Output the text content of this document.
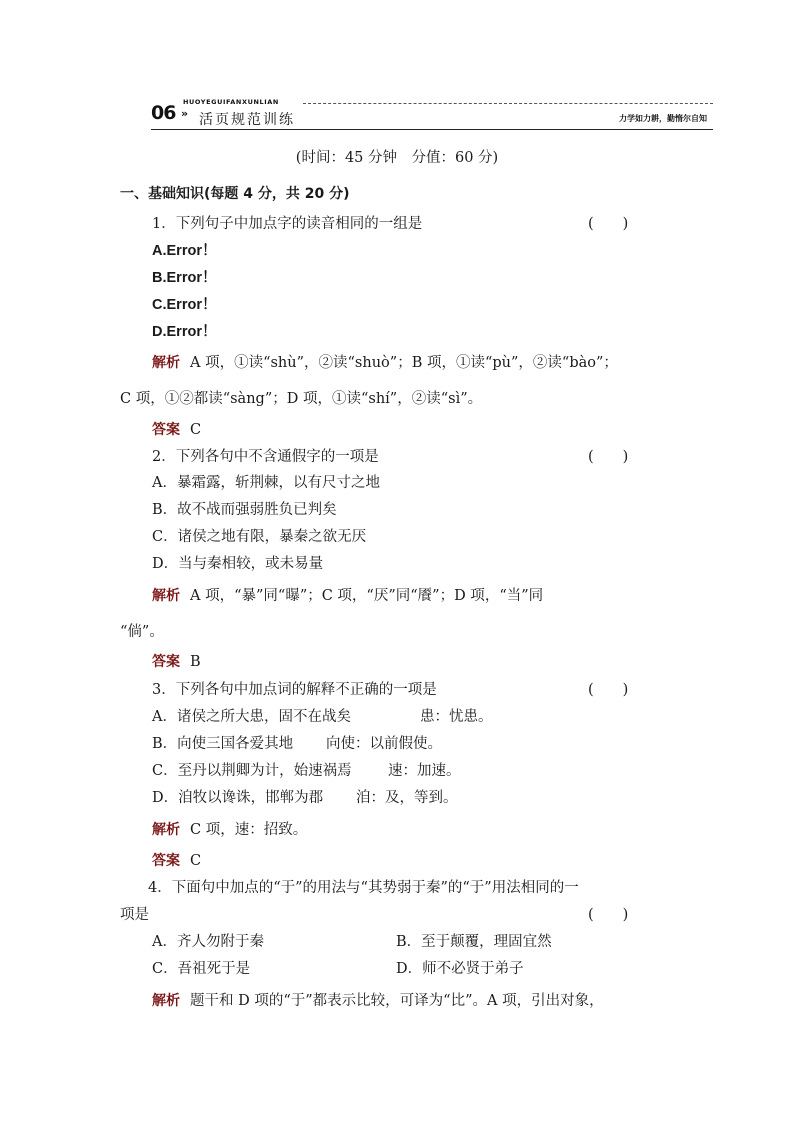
06 »
HUOYEGUIFANXUNLIAN
活页规范训练	力学如力耕，勤惰尔自知
(时间：45 分钟　分值：60 分)
一、基础知识(每题 4 分，共 20 分)
1．下列句子中加点字的读音相同的一组是	(　　)
A.Error！
B.Error！
C.Error！
D.Error！
解析 A 项，①读“shù”，②读“shuò”；B 项，①读“pù”，②读“bào”；
C 项，①②都读“sàng”；D 项，①读“shí”，②读“sì”。
答案 C
2．下列各句中不含通假字的一项是	(　　)
A．暴霜露，斩荆棘，以有尺寸之地
B．故不战而强弱胜负已判矣
C．诸侯之地有限，暴秦之欲无厌
D．当与秦相较，或未易量
解析 A 项，“暴”同“曝”；C 项，“厌”同“餍”；D 项，“当”同
“倘”。
答案 B
3．下列各句中加点词的解释不正确的一项是	(　　)
A．诸侯之所大患，固不在战矣	患：忧患。
B．向使三国各爱其地 向使：以前假使。
C．至丹以荆卿为计，始速祸焉	速：加速。
D．洎牧以谗诛，邯郸为郡 洎：及，等到。
解析 C 项，速：招致。
答案 C
4．下面句中加点的“于”的用法与“其势弱于秦”的“于”用法相同的一
项是	(　　)
A．齐人勿附于秦	B．至于颠覆，理固宜然
C．吾祖死于是	D．师不必贤于弟子
解析 题干和 D 项的“于”都表示比较，可译为“比”。A 项，引出对象，
